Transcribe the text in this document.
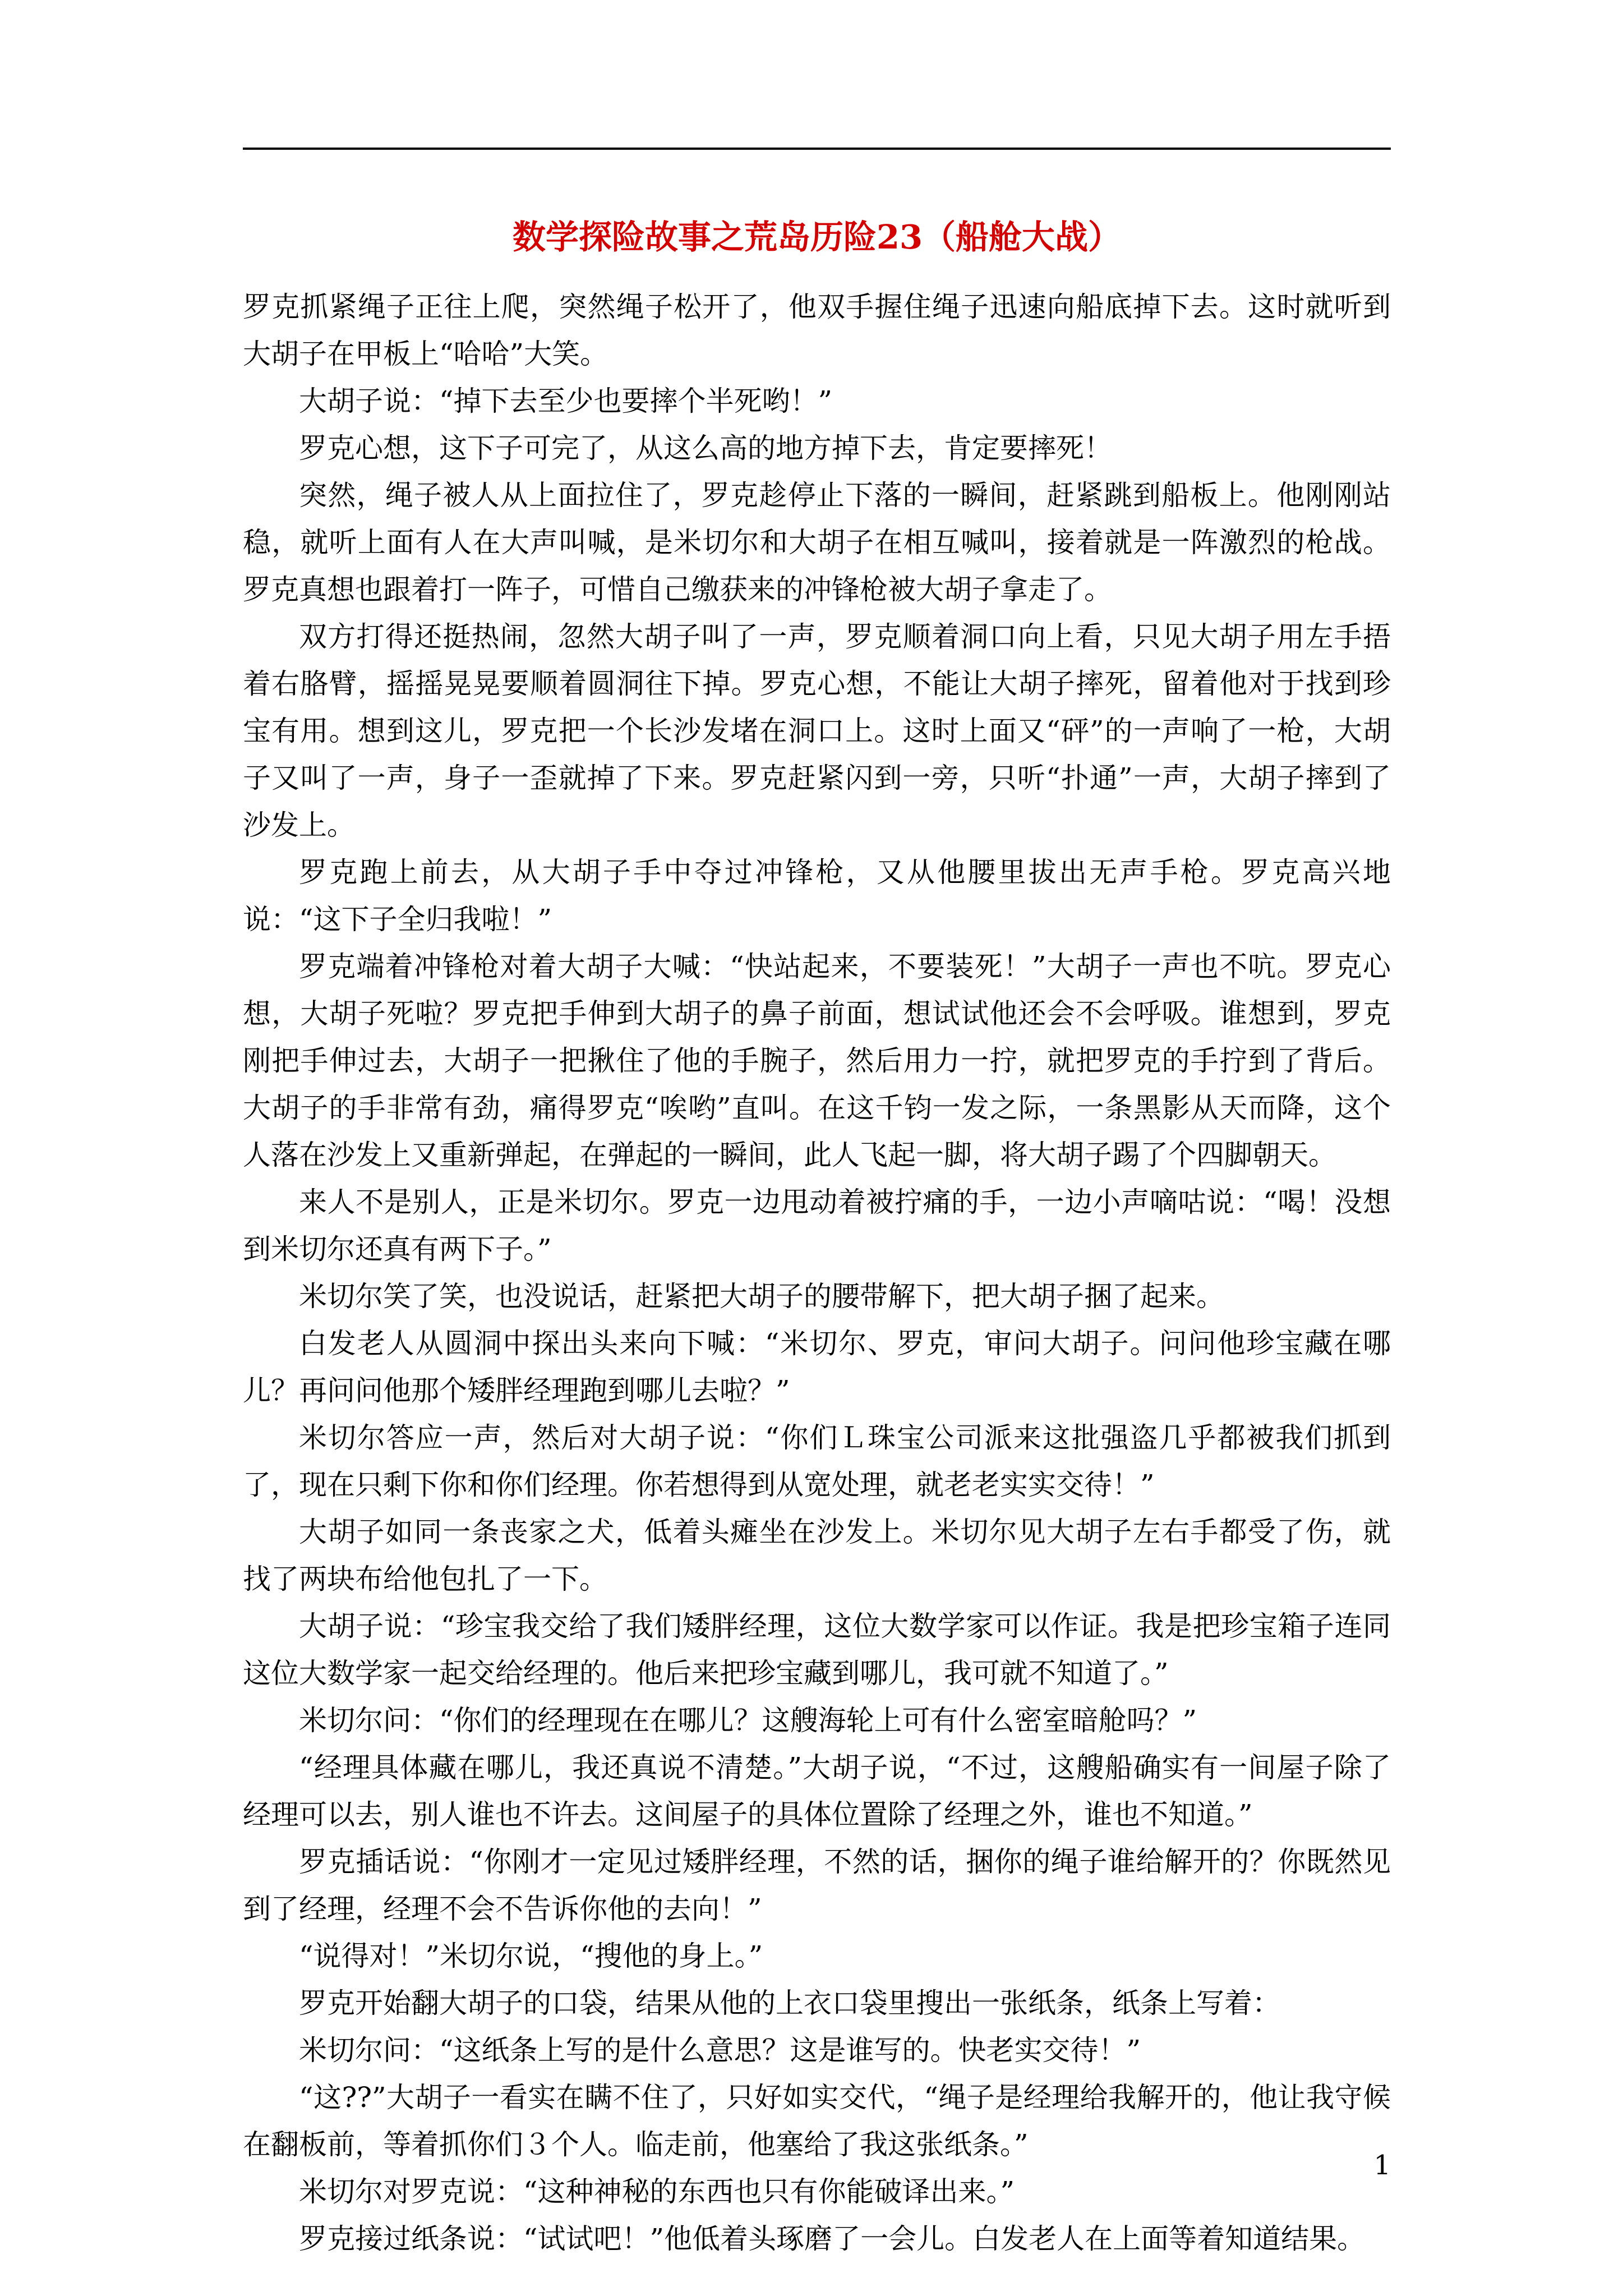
数学探险故事之荒岛历险23（船舱大战）

罗克抓紧绳子正往上爬，突然绳子松开了，他双手握住绳子迅速向船底掉下去。这时就听到大胡子在甲板上“哈哈”大笑。

大胡子说：“掉下去至少也要摔个半死哟！”

罗克心想，这下子可完了，从这么高的地方掉下去，肯定要摔死！

突然，绳子被人从上面拉住了，罗克趁停止下落的一瞬间，赶紧跳到船板上。他刚刚站稳，就听上面有人在大声叫喊，是米切尔和大胡子在相互喊叫，接着就是一阵激烈的枪战。罗克真想也跟着打一阵子，可惜自己缴获来的冲锋枪被大胡子拿走了。

双方打得还挺热闹，忽然大胡子叫了一声，罗克顺着洞口向上看，只见大胡子用左手捂着右胳臂，摇摇晃晃要顺着圆洞往下掉。罗克心想，不能让大胡子摔死，留着他对于找到珍宝有用。想到这儿，罗克把一个长沙发堵在洞口上。这时上面又“砰”的一声响了一枪，大胡子又叫了一声，身子一歪就掉了下来。罗克赶紧闪到一旁，只听“扑通”一声，大胡子摔到了沙发上。

罗克跑上前去，从大胡子手中夺过冲锋枪，又从他腰里拔出无声手枪。罗克高兴地说：“这下子全归我啦！”

罗克端着冲锋枪对着大胡子大喊：“快站起来，不要装死！”大胡子一声也不吭。罗克心想，大胡子死啦？罗克把手伸到大胡子的鼻子前面，想试试他还会不会呼吸。谁想到，罗克刚把手伸过去，大胡子一把揪住了他的手腕子，然后用力一拧，就把罗克的手拧到了背后。大胡子的手非常有劲，痛得罗克“唉哟”直叫。在这千钧一发之际，一条黑影从天而降，这个人落在沙发上又重新弹起，在弹起的一瞬间，此人飞起一脚，将大胡子踢了个四脚朝天。

来人不是别人，正是米切尔。罗克一边甩动着被拧痛的手，一边小声嘀咕说：“喝！没想到米切尔还真有两下子。”

米切尔笑了笑，也没说话，赶紧把大胡子的腰带解下，把大胡子捆了起来。

白发老人从圆洞中探出头来向下喊：“米切尔、罗克，审问大胡子。问问他珍宝藏在哪儿？再问问他那个矮胖经理跑到哪儿去啦？”

米切尔答应一声，然后对大胡子说：“你们Ｌ珠宝公司派来这批强盗几乎都被我们抓到了，现在只剩下你和你们经理。你若想得到从宽处理，就老老实实交待！”

大胡子如同一条丧家之犬，低着头瘫坐在沙发上。米切尔见大胡子左右手都受了伤，就找了两块布给他包扎了一下。

大胡子说：“珍宝我交给了我们矮胖经理，这位大数学家可以作证。我是把珍宝箱子连同这位大数学家一起交给经理的。他后来把珍宝藏到哪儿，我可就不知道了。”

米切尔问：“你们的经理现在在哪儿？这艘海轮上可有什么密室暗舱吗？”

“经理具体藏在哪儿，我还真说不清楚。”大胡子说，“不过，这艘船确实有一间屋子除了经理可以去，别人谁也不许去。这间屋子的具体位置除了经理之外，谁也不知道。”

罗克插话说：“你刚才一定见过矮胖经理，不然的话，捆你的绳子谁给解开的？你既然见到了经理，经理不会不告诉你他的去向！”

“说得对！”米切尔说，“搜他的身上。”

罗克开始翻大胡子的口袋，结果从他的上衣口袋里搜出一张纸条，纸条上写着：

米切尔问：“这纸条上写的是什么意思？这是谁写的。快老实交待！”

“这??”大胡子一看实在瞒不住了，只好如实交代，“绳子是经理给我解开的，他让我守候在翻板前，等着抓你们３个人。临走前，他塞给了我这张纸条。”

米切尔对罗克说：“这种神秘的东西也只有你能破译出来。”

罗克接过纸条说：“试试吧！”他低着头琢磨了一会儿。白发老人在上面等着知道结果。

1
